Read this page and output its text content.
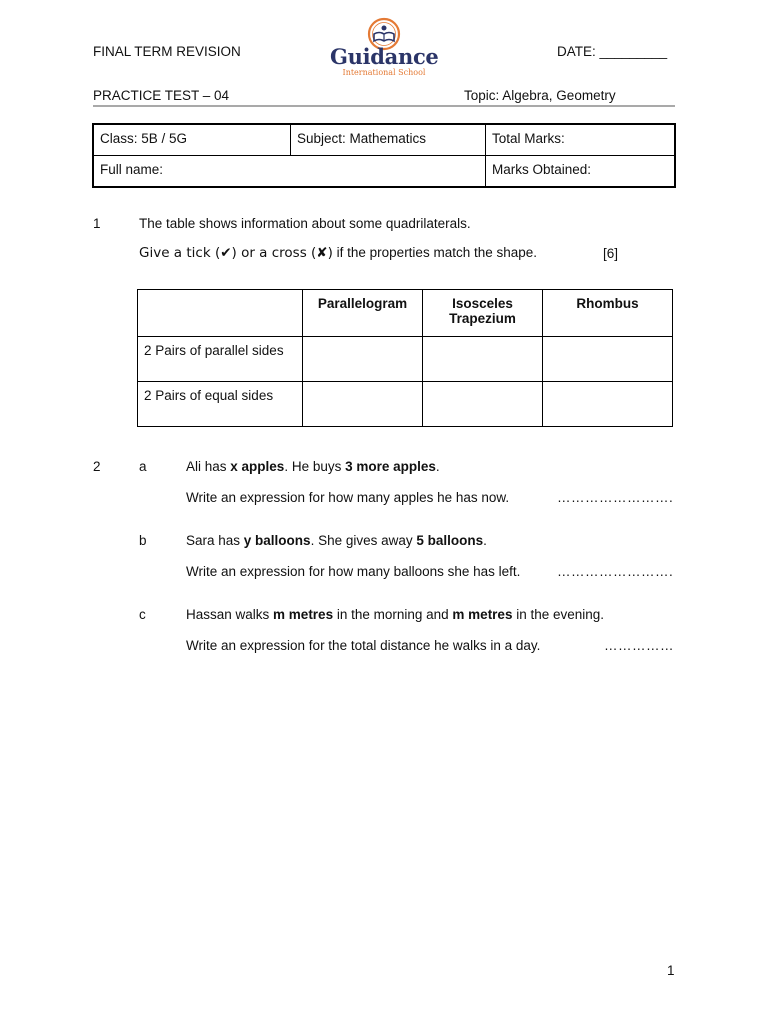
FINAL TERM REVISION	DATE: _________
Guidance
International School
PRACTICE TEST – 04	Topic: Algebra, Geometry
Class: 5B / 5G	Subject: Mathematics	Total Marks:
Full name:		Marks Obtained:
1	The table shows information about some quadrilaterals.
Give a tick (✔) or a cross (✘) if the properties match the shape.	[6]
	Parallelogram	Isosceles Trapezium	Rhombus
2 Pairs of parallel sides			
2 Pairs of equal sides			
2	a	Ali has x apples. He buys 3 more apples.
Write an expression for how many apples he has now.	…………………….
b	Sara has y balloons. She gives away 5 balloons.
Write an expression for how many balloons she has left.	…………………….
c	Hassan walks m metres in the morning and m metres in the evening.
Write an expression for the total distance he walks in a day.	……………
1
